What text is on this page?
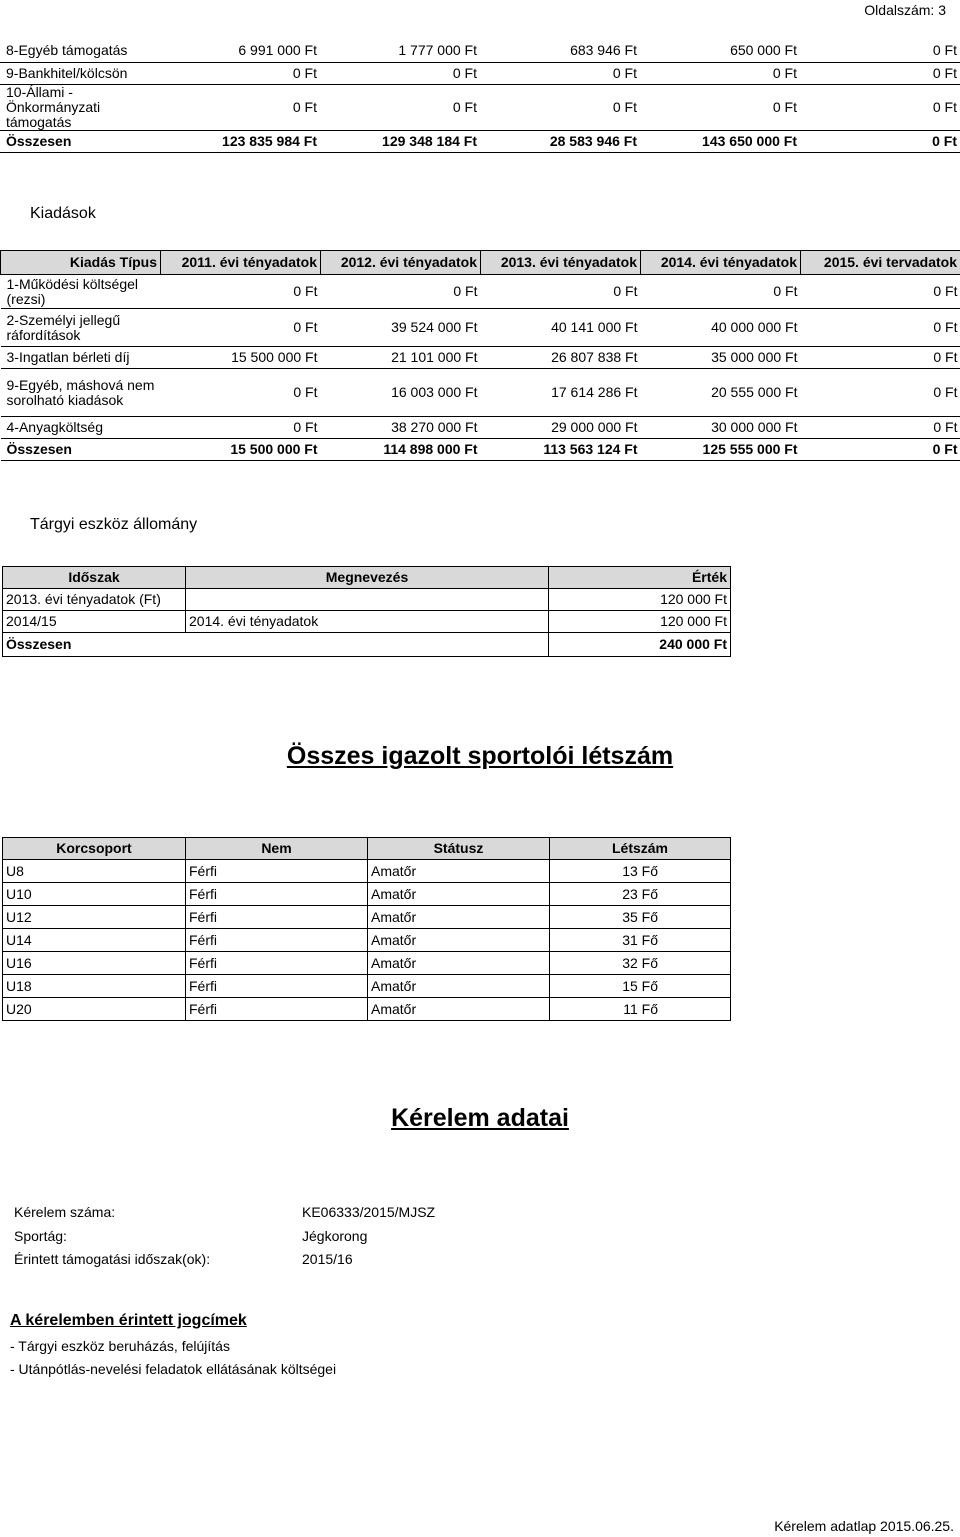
Oldalszám: 3
8-Egyéb támogatás	6 991 000 Ft	1 777 000 Ft	683 946 Ft	650 000 Ft	0 Ft
9-Bankhitel/kölcsön	0 Ft	0 Ft	0 Ft	0 Ft	0 Ft
10-Állami - Önkormányzati támogatás	0 Ft	0 Ft	0 Ft	0 Ft	0 Ft
Összesen	123 835 984 Ft	129 348 184 Ft	28 583 946 Ft	143 650 000 Ft	0 Ft
Kiadások
Kiadás Típus	2011. évi tényadatok	2012. évi tényadatok	2013. évi tényadatok	2014. évi tényadatok	2015. évi tervadatok
1-Működési költségel (rezsi)	0 Ft	0 Ft	0 Ft	0 Ft	0 Ft
2-Személyi jellegű ráfordítások	0 Ft	39 524 000 Ft	40 141 000 Ft	40 000 000 Ft	0 Ft
3-Ingatlan bérleti díj	15 500 000 Ft	21 101 000 Ft	26 807 838 Ft	35 000 000 Ft	0 Ft
9-Egyéb, máshová nem sorolható kiadások	0 Ft	16 003 000 Ft	17 614 286 Ft	20 555 000 Ft	0 Ft
4-Anyagköltség	0 Ft	38 270 000 Ft	29 000 000 Ft	30 000 000 Ft	0 Ft
Összesen	15 500 000 Ft	114 898 000 Ft	113 563 124 Ft	125 555 000 Ft	0 Ft
Tárgyi eszköz állomány
Időszak	Megnevezés	Érték
2013. évi tényadatok (Ft)		120 000 Ft
2014/15	2014. évi tényadatok	120 000 Ft
Összesen		240 000 Ft
Összes igazolt sportolói létszám
Korcsoport	Nem	Státusz	Létszám
U8	Férfi	Amatőr	13 Fő
U10	Férfi	Amatőr	23 Fő
U12	Férfi	Amatőr	35 Fő
U14	Férfi	Amatőr	31 Fő
U16	Férfi	Amatőr	32 Fő
U18	Férfi	Amatőr	15 Fő
U20	Férfi	Amatőr	11 Fő
Kérelem adatai
Kérelem száma:	KE06333/2015/MJSZ
Sportág:	Jégkorong
Érintett támogatási időszak(ok):	2015/16
A kérelemben érintett jogcímek
- Tárgyi eszköz beruházás, felújítás
- Utánpótlás-nevelési feladatok ellátásának költségei
Kérelem adatlap 2015.06.25.
